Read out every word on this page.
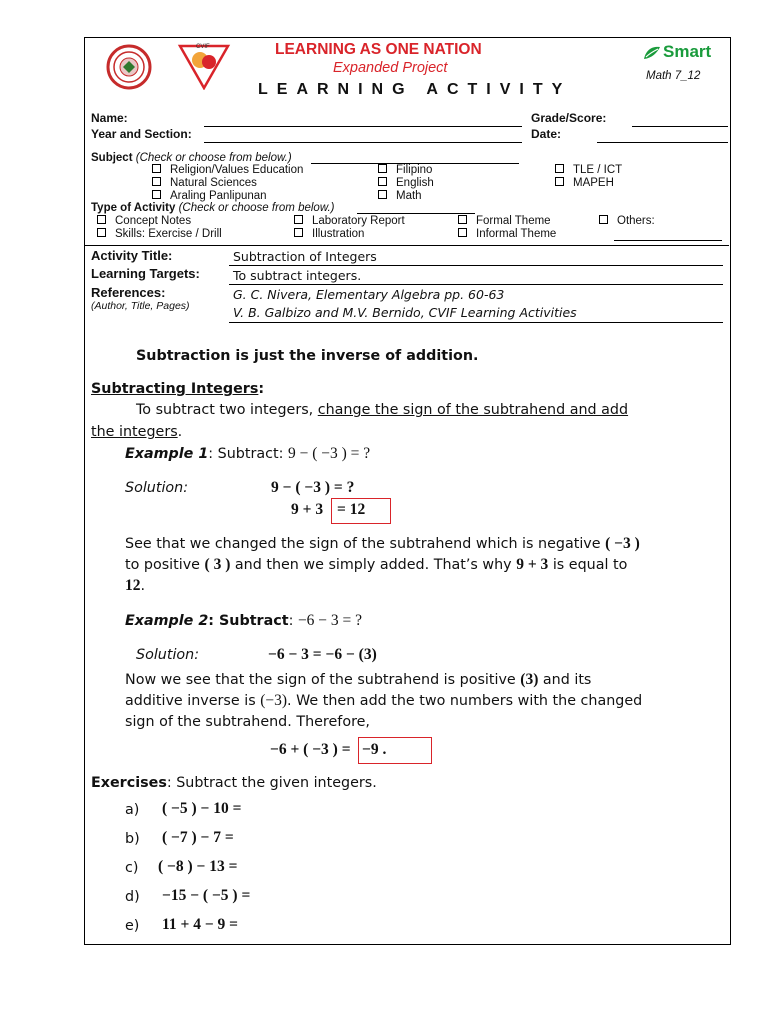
CVIF	LEARNING AS ONE NATION
Expanded Project
LEARNING ACTIVITY
Smart
Math 7_12
Name:	Grade/Score:
Year and Section:	Date:
Subject (Check or choose from below.)
Religion/Values Education
Natural Sciences
Araling Panlipunan
Filipino
English
Math
TLE / ICT
MAPEH
Type of Activity (Check or choose from below.)
Concept Notes
Skills: Exercise / Drill
Laboratory Report
Illustration
Formal Theme
Informal Theme
Others:
Activity Title:	Subtraction of Integers
Learning Targets:	To subtract integers.
References:
(Author, Title, Pages)
G. C. Nivera, Elementary Algebra pp. 60-63
V. B. Galbizo and M.V. Bernido, CVIF Learning Activities
Subtraction is just the inverse of addition.
Subtracting Integers:
To subtract two integers, change the sign of the subtrahend and add
the integers.
Example 1: Subtract: 9 − ( −3 ) = ?
Solution:	9 − ( −3 ) = ?
9 + 3 = 12
See that we changed the sign of the subtrahend which is negative ( −3 )
to positive ( 3 ) and then we simply added. That’s why 9 + 3 is equal to
12.
Example 2: Subtract: −6 − 3 = ?
Solution:	−6 − 3 = −6 − (3)
Now we see that the sign of the subtrahend is positive (3) and its
additive inverse is (−3). We then add the two numbers with the changed
sign of the subtrahend. Therefore,
−6 + ( −3 ) = −9 .
Exercises: Subtract the given integers.
a) ( −5 ) − 10 =
b) ( −7 ) − 7 =
c) ( −8 ) − 13 =
d) −15 − ( −5 ) =
e) 11 + 4 − 9 =
